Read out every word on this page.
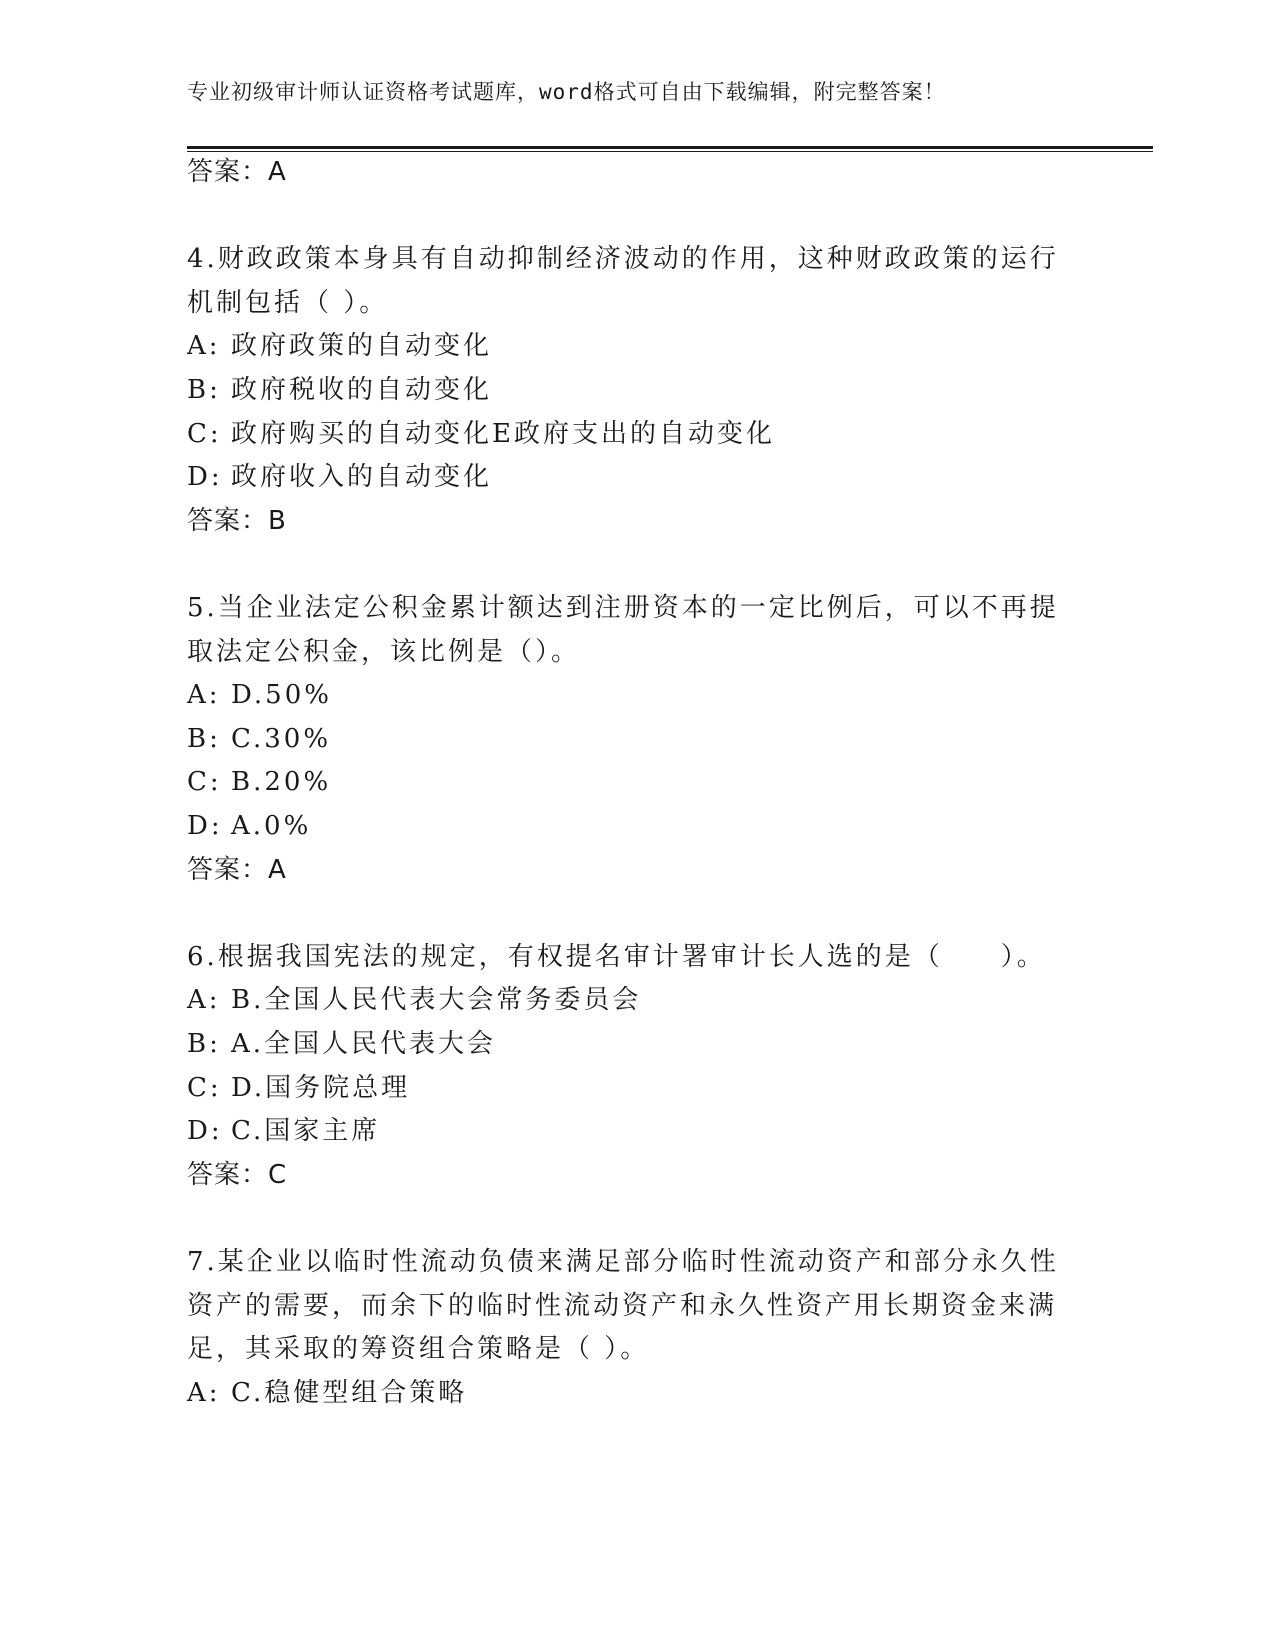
专业初级审计师认证资格考试题库，word格式可自由下载编辑，附完整答案！
答案：A
4.财政政策本身具有自动抑制经济波动的作用，这种财政政策的运行
机制包括（ ）。
A: 政府政策的自动变化
B: 政府税收的自动变化
C: 政府购买的自动变化E政府支出的自动变化
D: 政府收入的自动变化
答案：B
5.当企业法定公积金累计额达到注册资本的一定比例后，可以不再提
取法定公积金，该比例是（）。
A: D.50%
B: C.30%
C: B.20%
D: A.0%
答案：A
6.根据我国宪法的规定，有权提名审计署审计长人选的是（　　）。
A: B.全国人民代表大会常务委员会
B: A.全国人民代表大会
C: D.国务院总理
D: C.国家主席
答案：C
7.某企业以临时性流动负债来满足部分临时性流动资产和部分永久性
资产的需要，而余下的临时性流动资产和永久性资产用长期资金来满
足，其采取的筹资组合策略是（ ）。
A: C.稳健型组合策略
